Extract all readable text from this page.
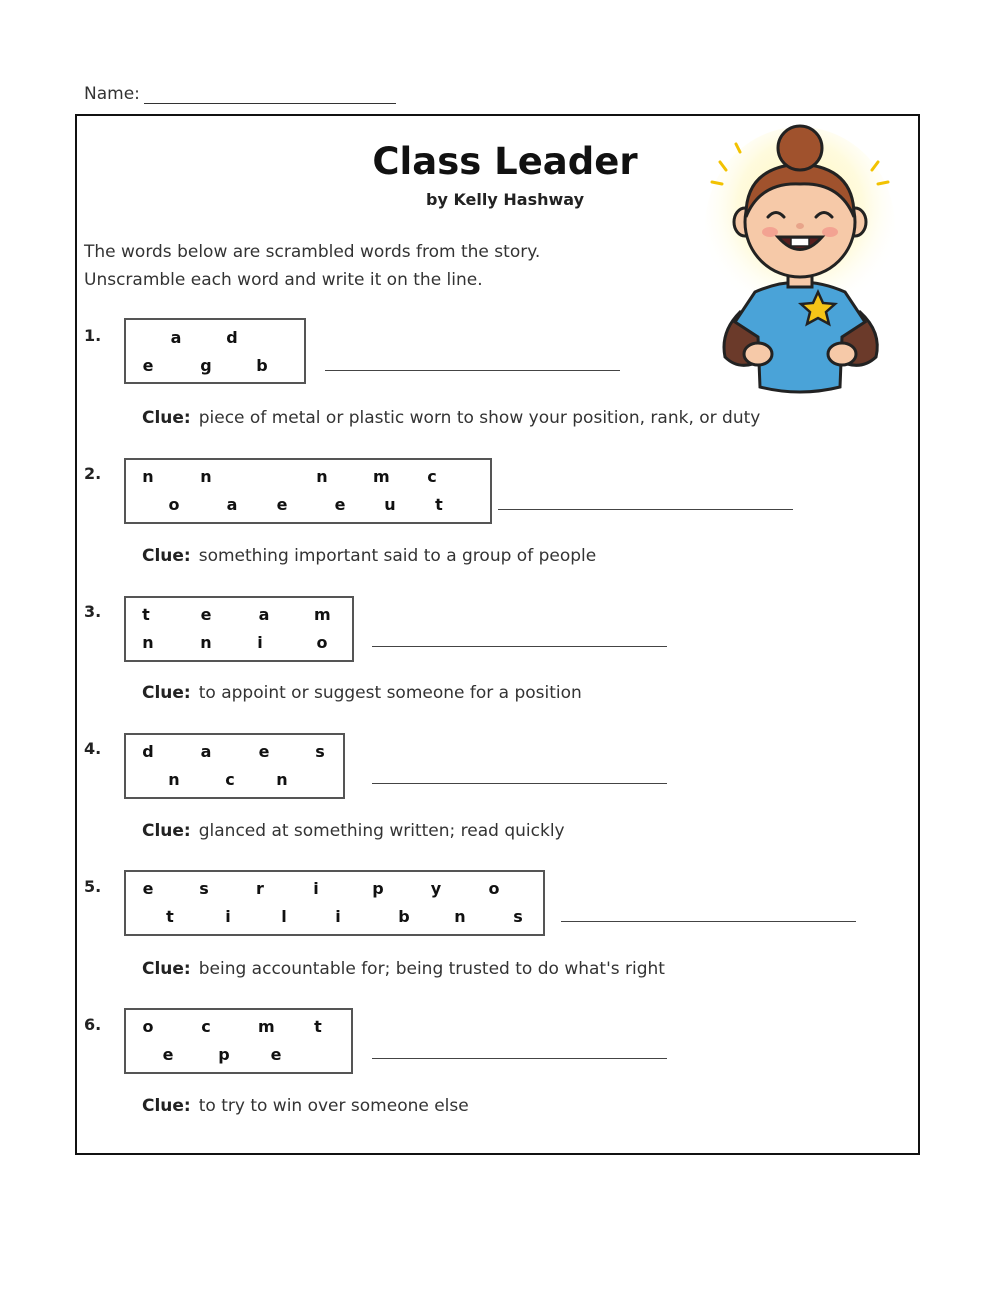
Name:
Class Leader
by Kelly Hashway
The words below are scrambled words from the story.
Unscramble each word and write it on the line.
1.	a	d
e	g	b
Clue: piece of metal or plastic worn to show your position, rank, or duty
2.	n	n	n	m c
o	a e	e u t
Clue: something important said to a group of people
3.	t	e	a	m
n	n	i	o
Clue: to appoint or suggest someone for a position
4.	d	a	e	s
n	c	n
Clue: glanced at something written; read quickly
5.	e	s	r	i	p	y	o
t	i	l	i	b	n	s
Clue: being accountable for; being trusted to do what's right
6.	o	c	m t
e	p	e
Clue: to try to win over someone else
